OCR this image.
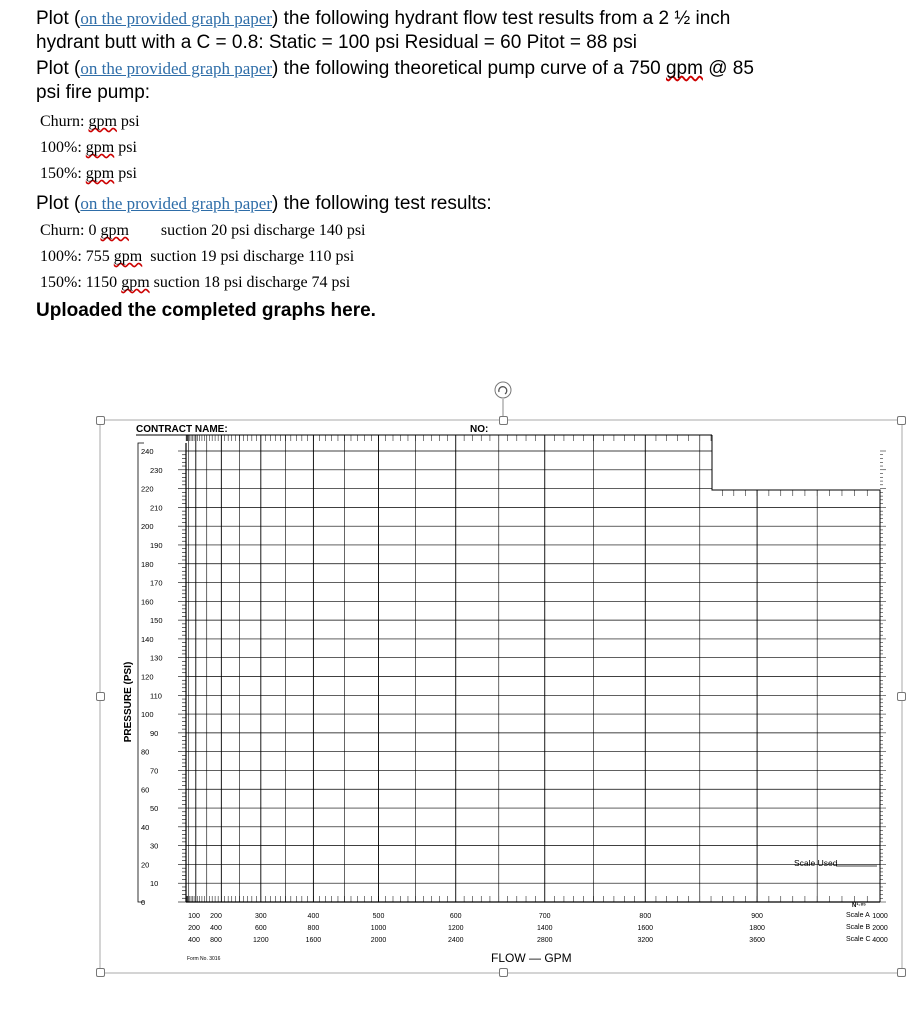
Plot (on the provided graph paper) the following hydrant flow test results from a 2 ½ inch
hydrant butt with a C = 0.8: Static = 100 psi Residual = 60 Pitot = 88 psi
Plot (on the provided graph paper) the following theoretical pump curve of a 750 gpm @ 85
psi fire pump:
Churn: gpm psi
100%: gpm psi
150%: gpm psi
Plot (on the provided graph paper) the following test results:
Churn: 0 gpm        suction 20 psi discharge 140 psi
100%: 755 gpm  suction 19 psi discharge 110 psi
150%: 1150 gpm suction 18 psi discharge 74 psi
Uploaded the completed graphs here.
CONTRACT NAME:	NO:
PRESSURE (PSI)
0
10
20
30
40
50
60
70
80
90
100
110
120
130
140
150
160
170
180
190
200
210
220
230
240
100 200	300	400	500	600	700	800	900	1000
200 400	600	800	1000	1200	1400	1600	1800	2000
400 800	1200	1600	2000	2400	2800	3200	3600	4000
FLOW — GPM
Form No. 3016
Scale Used
N¹·⁸⁵
Scale A
Scale B
Scale C
